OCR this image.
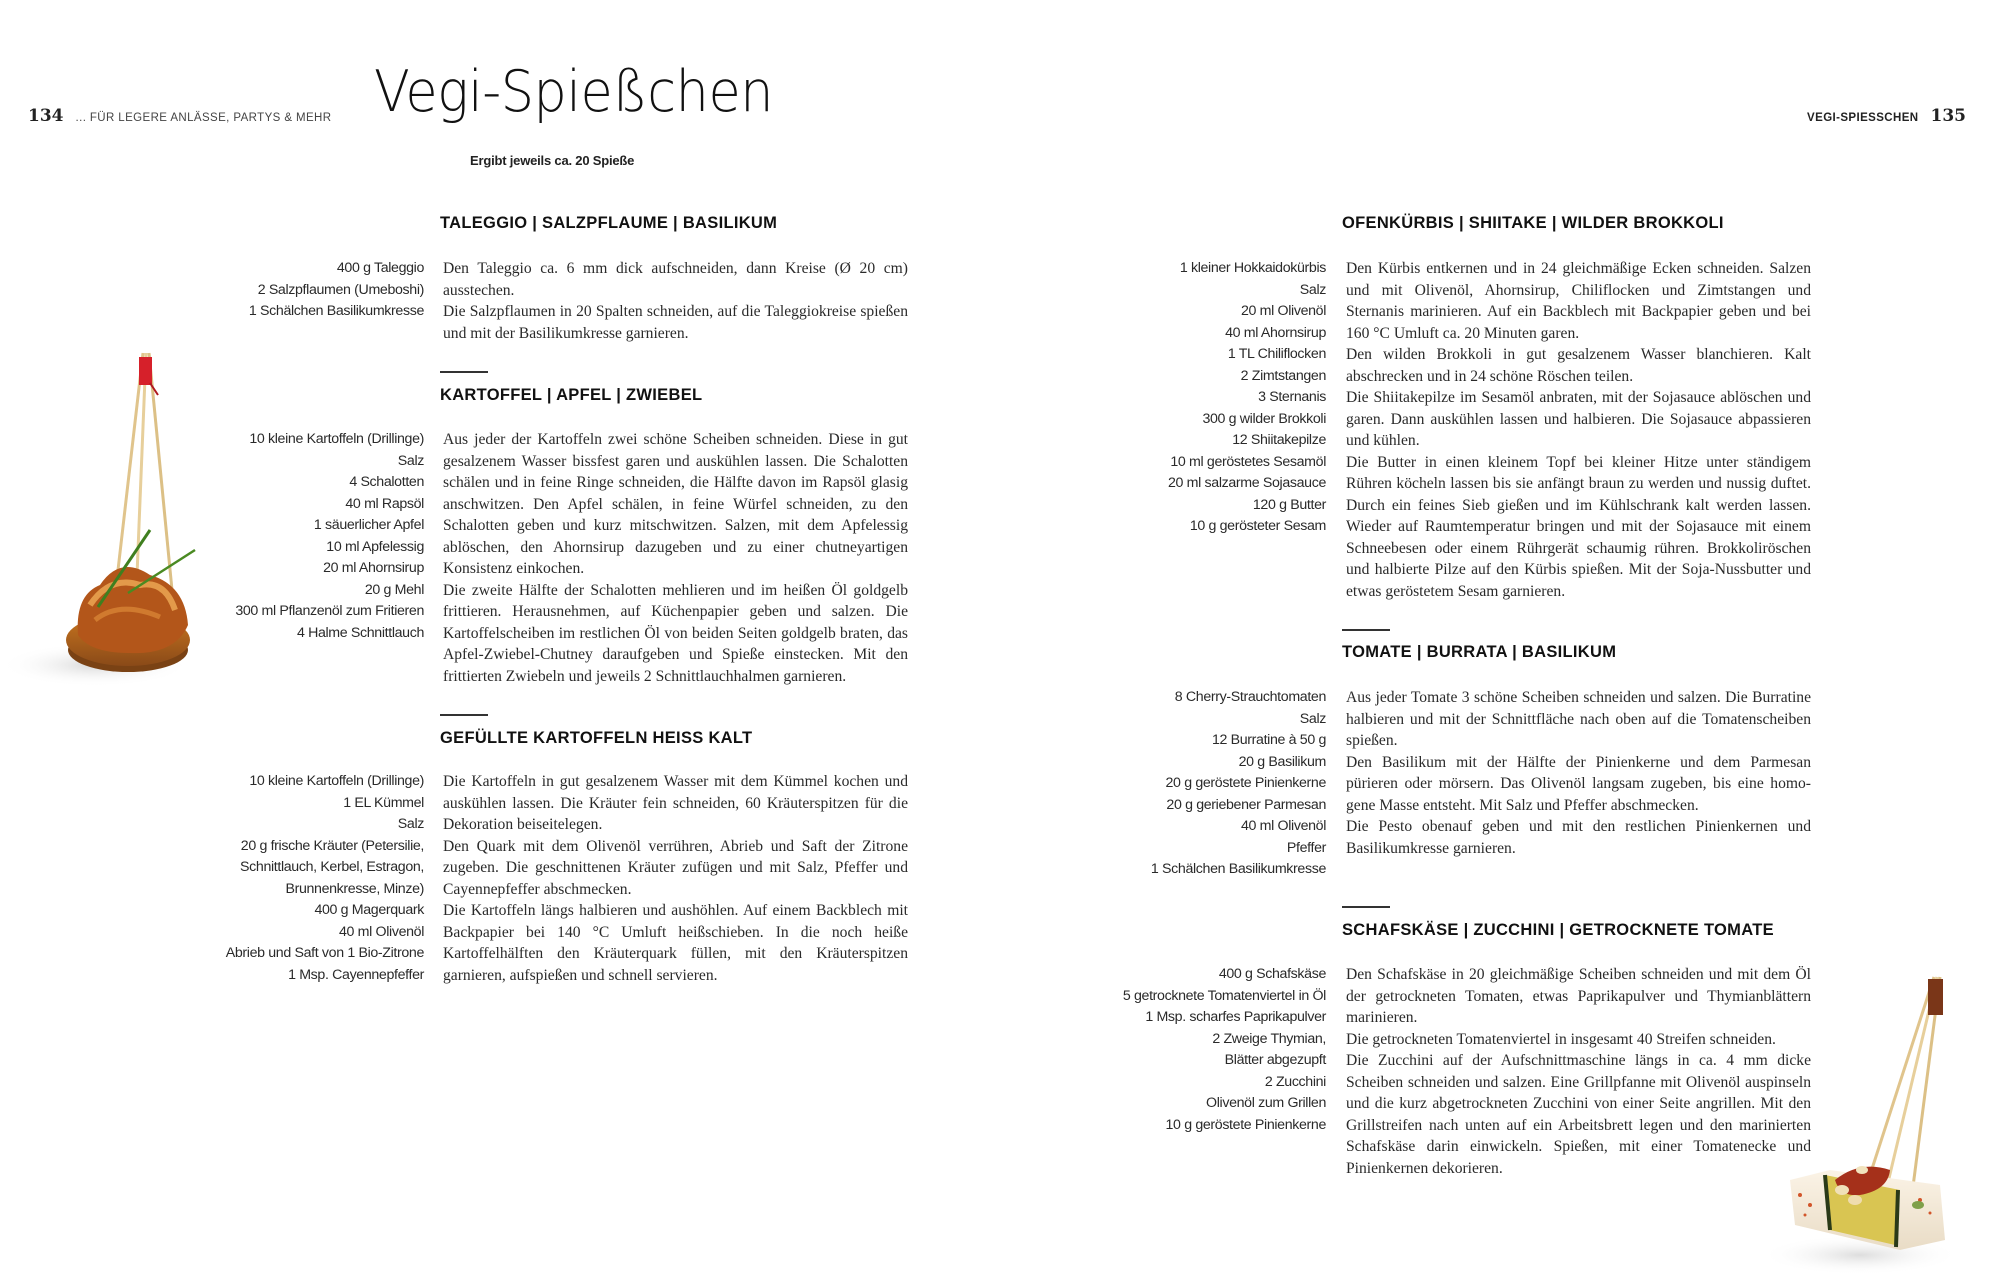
134 ... FÜR LEGERE ANLÄSSE, PARTYS & MEHR Vegi-Spießchen
Ergibt jeweils ca. 20 Spieße
TALEGGIO | SALZPFLAUME | BASILIKUM
400 g Taleggio
2 Salzpflaumen (Umeboshi)
1 Schälchen Basilikumkresse

Den Taleggio ca. 6 mm dick aufschneiden, dann Kreise (Ø 20 cm) ausstechen.

Die Salzpflaumen in 20 Spalten schneiden, auf die Taleggiokreise spießen und mit der Basilikumkresse garnieren.

KARTOFFEL | APFEL | ZWIEBEL
10 kleine Kartoffeln (Drillinge)
Salz
4 Schalotten
40 ml Rapsöl
1 säuerlicher Apfel
10 ml Apfelessig
20 ml Ahornsirup
20 g Mehl
300 ml Pflanzenöl zum Fritieren
4 Halme Schnittlauch

Aus jeder der Kartoffeln zwei schöne Scheiben schneiden. Diese in gut gesalzenem Wasser bissfest garen und auskühlen lassen. Die Schalotten schälen und in feine Ringe schneiden, die Hälfte davon im Rapsöl glasig anschwitzen. Den Apfel schälen, in feine Würfel schneiden, zu den Schalotten geben und kurz mitschwitzen. Salzen, mit dem Apfelessig ablöschen, den Ahornsirup dazugeben und zu einer chutneyartigen Konsistenz einkochen.

Die zweite Hälfte der Schalotten mehlieren und im heißen Öl goldgelb frittieren. Herausnehmen, auf Küchenpapier geben und salzen. Die Kartoffelscheiben im restlichen Öl von beiden Seiten goldgelb braten, das Apfel-Zwiebel-Chutney daraufgeben und Spieße einstecken. Mit den frittierten Zwiebeln und jeweils 2 Schnittlauchhalmen garnieren.

GEFÜLLTE KARTOFFELN HEISS KALT
10 kleine Kartoffeln (Drillinge)
1 EL Kümmel
Salz
20 g frische Kräuter (Petersilie,
Schnittlauch, Kerbel, Estragon,
Brunnenkresse, Minze)
400 g Magerquark
40 ml Olivenöl
Abrieb und Saft von 1 Bio-Zitrone
1 Msp. Cayennepfeffer

Die Kartoffeln in gut gesalzenem Wasser mit dem Kümmel kochen und auskühlen lassen. Die Kräuter fein schneiden, 60 Kräuterspitzen für die Dekoration beiseitelegen.

Den Quark mit dem Olivenöl verrühren, Abrieb und Saft der Zitrone zugeben. Die geschnittenen Kräuter zufügen und mit Salz, Pfeffer und Cayennepfeffer abschmecken.

Die Kartoffeln längs halbieren und aushöhlen. Auf einem Backblech mit Backpapier bei 140 °C Umluft heißschieben. In die noch heiße Kartoffelhälften den Kräuterquark füllen, mit den Kräuterspitzen garnieren, aufspießen und schnell servieren.

VEGI-SPIESSCHEN 135
OFENKÜRBIS | SHIITAKE | WILDER BROKKOLI
1 kleiner Hokkaidokürbis
Salz
20 ml Olivenöl
40 ml Ahornsirup
1 TL Chiliflocken
2 Zimtstangen
3 Sternanis
300 g wilder Brokkoli
12 Shiitakepilze
10 ml geröstetes Sesamöl
20 ml salzarme Sojasauce
120 g Butter
10 g gerösteter Sesam

Den Kürbis entkernen und in 24 gleichmäßige Ecken schneiden. Salzen und mit Olivenöl, Ahornsirup, Chiliflocken und Zimtstangen und Sternanis marinieren. Auf ein Backblech mit Backpapier geben und bei 160 °C Umluft ca. 20 Minuten garen.

Den wilden Brokkoli in gut gesalzenem Wasser blanchieren. Kalt abschrecken und in 24 schöne Röschen teilen.

Die Shiitakepilze im Sesamöl anbraten, mit der Sojasauce ablöschen und garen. Dann auskühlen lassen und halbieren. Die Sojasauce abpassieren und kühlen.

Die Butter in einen kleinem Topf bei kleiner Hitze unter ständigem Rühren köcheln lassen bis sie anfängt braun zu werden und nussig duftet. Durch ein feines Sieb gießen und im Kühlschrank kalt werden lassen. Wieder auf Raumtemperatur bringen und mit der Sojasauce mit einem Schneebesen oder einem Rührgerät schaumig rühren. Brokkoliröschen und halbierte Pilze auf den Kürbis spießen. Mit der Soja-Nussbutter und etwas geröstetem Sesam garnieren.

TOMATE | BURRATA | BASILIKUM
8 Cherry-Strauchtomaten
Salz
12 Burratine à 50 g
20 g Basilikum
20 g geröstete Pinienkerne
20 g geriebener Parmesan
40 ml Olivenöl
Pfeffer
1 Schälchen Basilikumkresse

Aus jeder Tomate 3 schöne Scheiben schneiden und salzen. Die Burratine halbieren und mit der Schnittfläche nach oben auf die Tomatenscheiben spießen.

Den Basilikum mit der Hälfte der Pinienkerne und dem Parmesan pürieren oder mörsern. Das Olivenöl langsam zugeben, bis eine homogene Masse entsteht. Mit Salz und Pfeffer abschmecken.

Die Pesto obenauf geben und mit den restlichen Pinienkernen und Basilikumkresse garnieren.

SCHAFSKÄSE | ZUCCHINI | GETROCKNETE TOMATE
400 g Schafskäse
5 getrocknete Tomatenviertel in Öl
1 Msp. scharfes Paprikapulver
2 Zweige Thymian,
Blätter abgezupft
2 Zucchini
Olivenöl zum Grillen
10 g geröstete Pinienkerne

Den Schafskäse in 20 gleichmäßige Scheiben schneiden und mit dem Öl der getrockneten Tomaten, etwas Paprikapulver und Thymianblättern marinieren.

Die getrockneten Tomatenviertel in insgesamt 40 Streifen schneiden.

Die Zucchini auf der Aufschnittmaschine längs in ca. 4 mm dicke Scheiben schneiden und salzen. Eine Grillpfanne mit Olivenöl auspinseln und die kurz abgetrockneten Zucchini von einer Seite angrillen. Mit den Grillstreifen nach unten auf ein Arbeitsbrett legen und den marinierten Schafskäse darin einwickeln. Spießen, mit einer Tomatenecke und Pinienkernen dekorieren.
